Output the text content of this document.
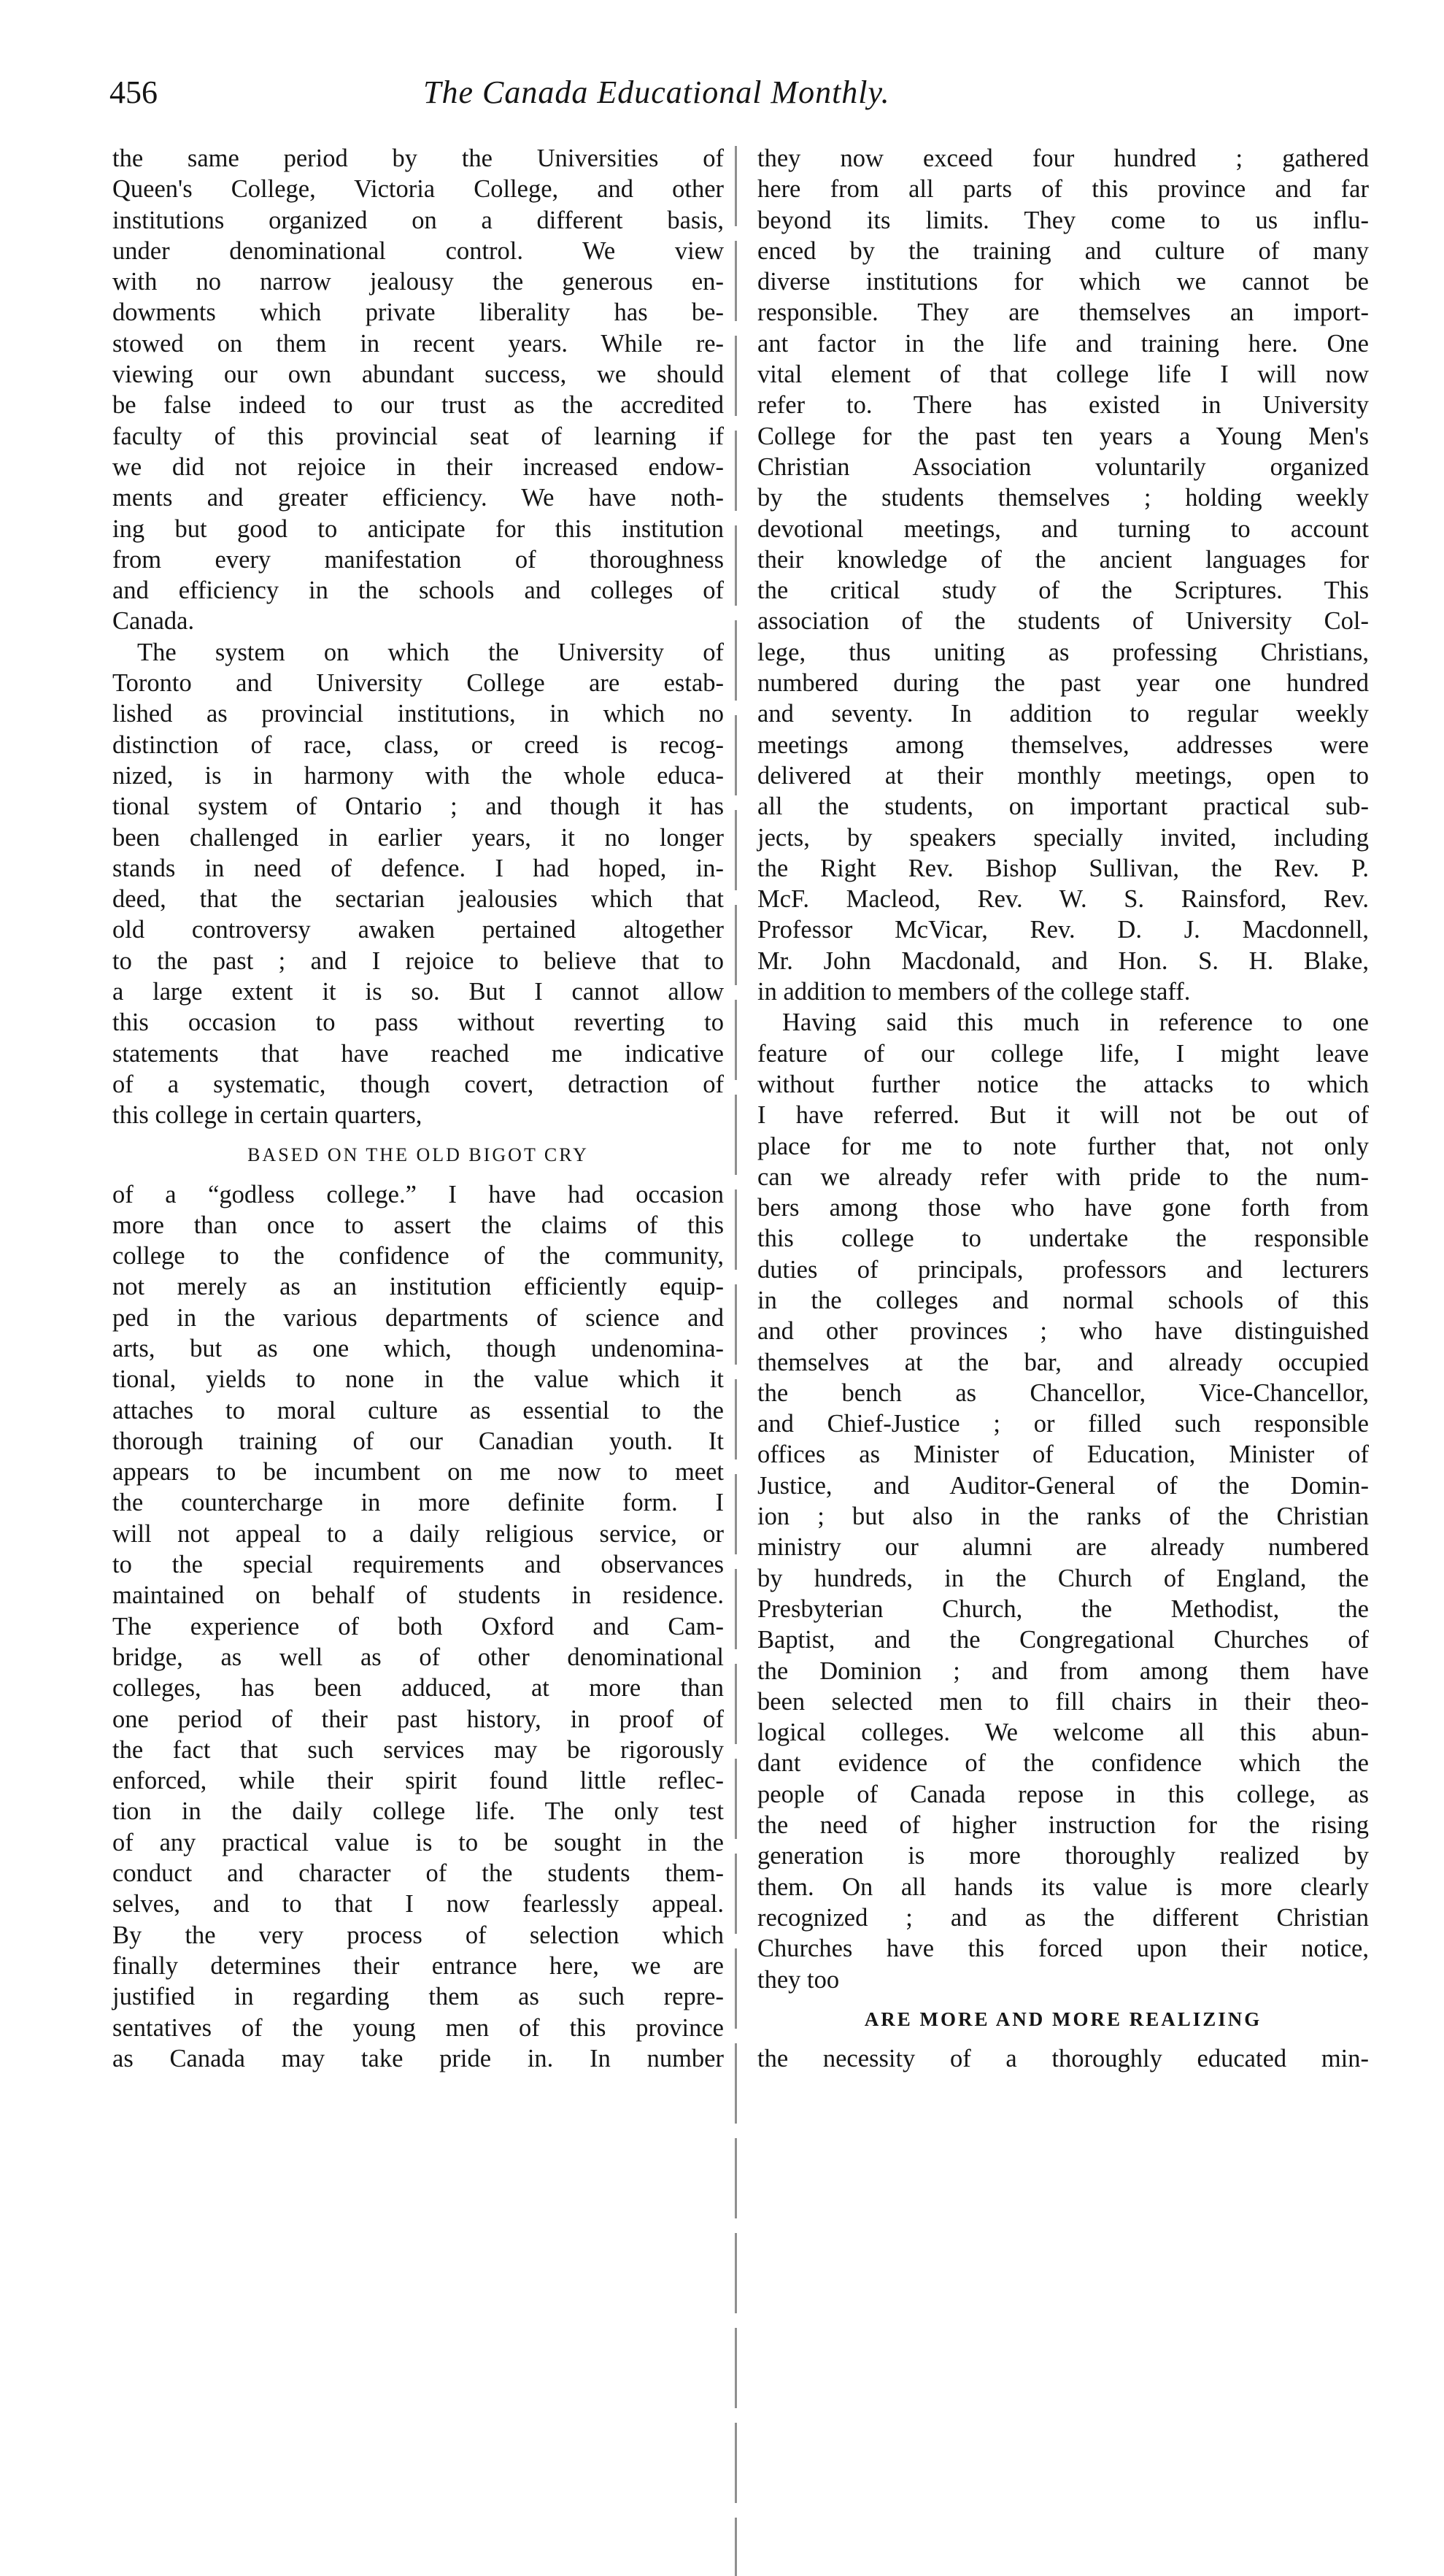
456	The Canada Educational Monthly.
the same period by the Universities of
Queen's College, Victoria College, and other
institutions organized on a different basis,
under denominational control. We view
with no narrow jealousy the generous en-
dowments which private liberality has be-
stowed on them in recent years. While re-
viewing our own abundant success, we should
be false indeed to our trust as the accredited
faculty of this provincial seat of learning if
we did not rejoice in their increased endow-
ments and greater efficiency. We have noth-
ing but good to anticipate for this institution
from every manifestation of thoroughness
and efficiency in the schools and colleges of
Canada.
The system on which the University of
Toronto and University College are estab-
lished as provincial institutions, in which no
distinction of race, class, or creed is recog-
nized, is in harmony with the whole educa-
tional system of Ontario ; and though it has
been challenged in earlier years, it no longer
stands in need of defence. I had hoped, in-
deed, that the sectarian jealousies which that
old controversy awaken pertained altogether
to the past ; and I rejoice to believe that to
a large extent it is so. But I cannot allow
this occasion to pass without reverting to
statements that have reached me indicative
of a systematic, though covert, detraction of
this college in certain quarters,
BASED ON THE OLD BIGOT CRY
of a “godless college.” I have had occasion
more than once to assert the claims of this
college to the confidence of the community,
not merely as an institution efficiently equip-
ped in the various departments of science and
arts, but as one which, though undenomina-
tional, yields to none in the value which it
attaches to moral culture as essential to the
thorough training of our Canadian youth. It
appears to be incumbent on me now to meet
the countercharge in more definite form. I
will not appeal to a daily religious service, or
to the special requirements and observances
maintained on behalf of students in residence.
The experience of both Oxford and Cam-
bridge, as well as of other denominational
colleges, has been adduced, at more than
one period of their past history, in proof of
the fact that such services may be rigorously
enforced, while their spirit found little reflec-
tion in the daily college life. The only test
of any practical value is to be sought in the
conduct and character of the students them-
selves, and to that I now fearlessly appeal.
By the very process of selection which
finally determines their entrance here, we are
justified in regarding them as such repre-
sentatives of the young men of this province
as Canada may take pride in. In number
they now exceed four hundred ; gathered
here from all parts of this province and far
beyond its limits. They come to us influ-
enced by the training and culture of many
diverse institutions for which we cannot be
responsible. They are themselves an import-
ant factor in the life and training here. One
vital element of that college life I will now
refer to. There has existed in University
College for the past ten years a Young Men's
Christian Association voluntarily organized
by the students themselves ; holding weekly
devotional meetings, and turning to account
their knowledge of the ancient languages for
the critical study of the Scriptures. This
association of the students of University Col-
lege, thus uniting as professing Christians,
numbered during the past year one hundred
and seventy. In addition to regular weekly
meetings among themselves, addresses were
delivered at their monthly meetings, open to
all the students, on important practical sub-
jects, by speakers specially invited, including
the Right Rev. Bishop Sullivan, the Rev. P.
McF. Macleod, Rev. W. S. Rainsford, Rev.
Professor McVicar, Rev. D. J. Macdonnell,
Mr. John Macdonald, and Hon. S. H. Blake,
in addition to members of the college staff.
Having said this much in reference to one
feature of our college life, I might leave
without further notice the attacks to which
I have referred. But it will not be out of
place for me to note further that, not only
can we already refer with pride to the num-
bers among those who have gone forth from
this college to undertake the responsible
duties of principals, professors and lecturers
in the colleges and normal schools of this
and other provinces ; who have distinguished
themselves at the bar, and already occupied
the bench as Chancellor, Vice-Chancellor,
and Chief-Justice ; or filled such responsible
offices as Minister of Education, Minister of
Justice, and Auditor-General of the Domin-
ion ; but also in the ranks of the Christian
ministry our alumni are already numbered
by hundreds, in the Church of England, the
Presbyterian Church, the Methodist, the
Baptist, and the Congregational Churches of
the Dominion ; and from among them have
been selected men to fill chairs in their theo-
logical colleges. We welcome all this abun-
dant evidence of the confidence which the
people of Canada repose in this college, as
the need of higher instruction for the rising
generation is more thoroughly realized by
them. On all hands its value is more clearly
recognized ; and as the different Christian
Churches have this forced upon their notice,
they too
ARE MORE AND MORE REALIZING
the necessity of a thoroughly educated min-
